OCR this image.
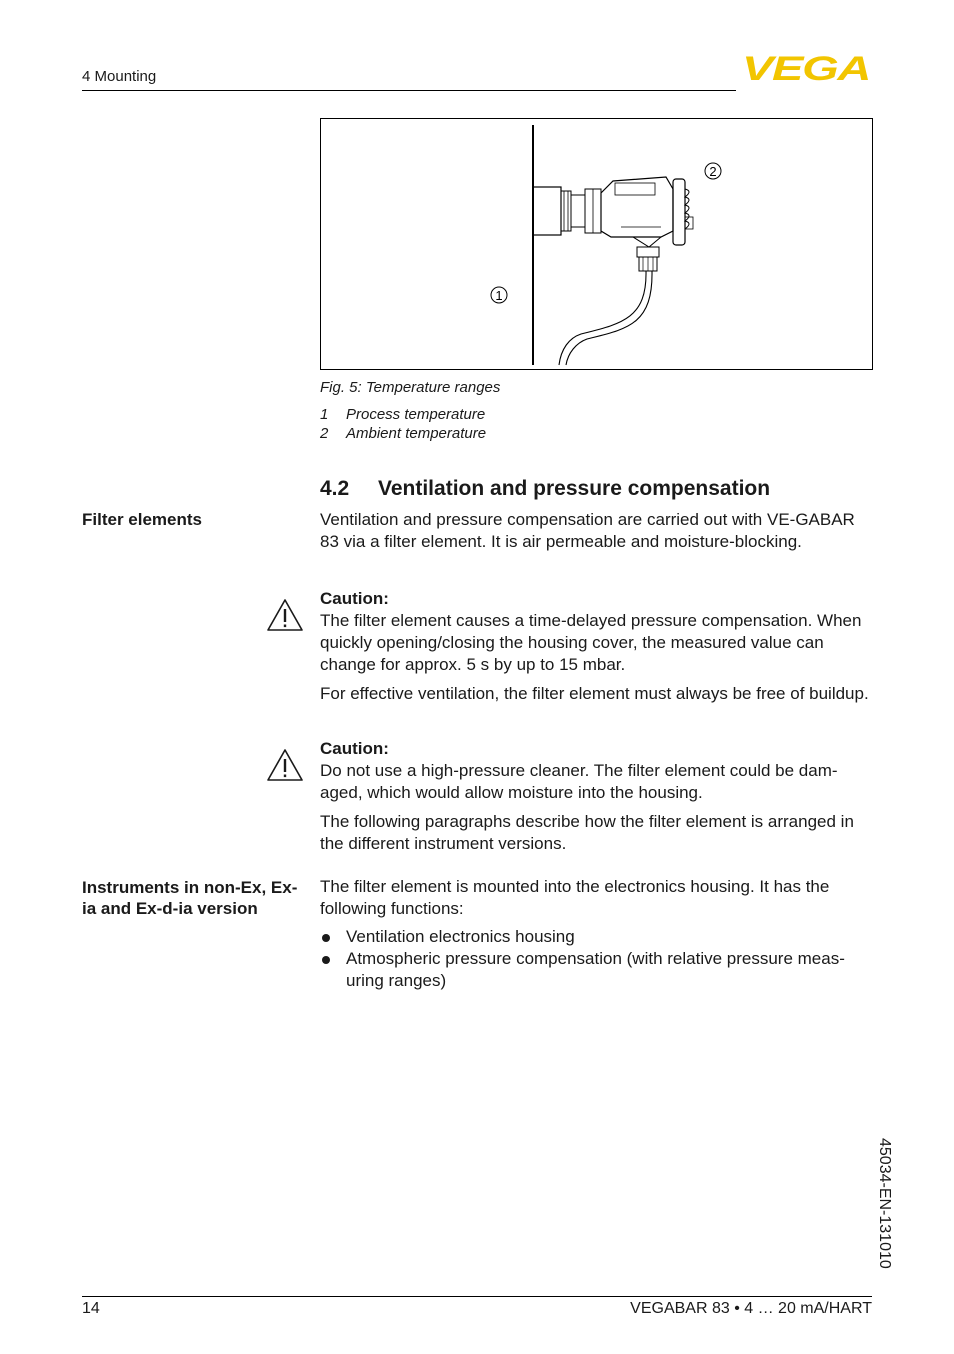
4 Mounting	VEGA
1
2
Fig. 5: Temperature ranges
1	Process temperature
2	Ambient temperature
4.2 Ventilation and pressure compensation
Filter elements	Ventilation and pressure compensation are carried out with VE-GABAR 83 via a filter element. It is air permeable and moisture-blocking.

Caution:

The filter element causes a time-delayed pressure compensation. When quickly opening/closing the housing cover, the measured value can change for approx. 5 s by up to 15 mbar.

For effective ventilation, the filter element must always be free of buildup.

Caution:

Do not use a high-pressure cleaner. The filter element could be dam-aged, which would allow moisture into the housing.

The following paragraphs describe how the filter element is arranged in the different instrument versions.

Instruments in non-Ex, Ex-ia and Ex-d-ia version

The filter element is mounted into the electronics housing. It has the following functions:

Ventilation electronics housing
Atmospheric pressure compensation (with relative pressure meas-uring ranges)
45034-EN-131010
14	VEGABAR 83 • 4 … 20 mA/HART
